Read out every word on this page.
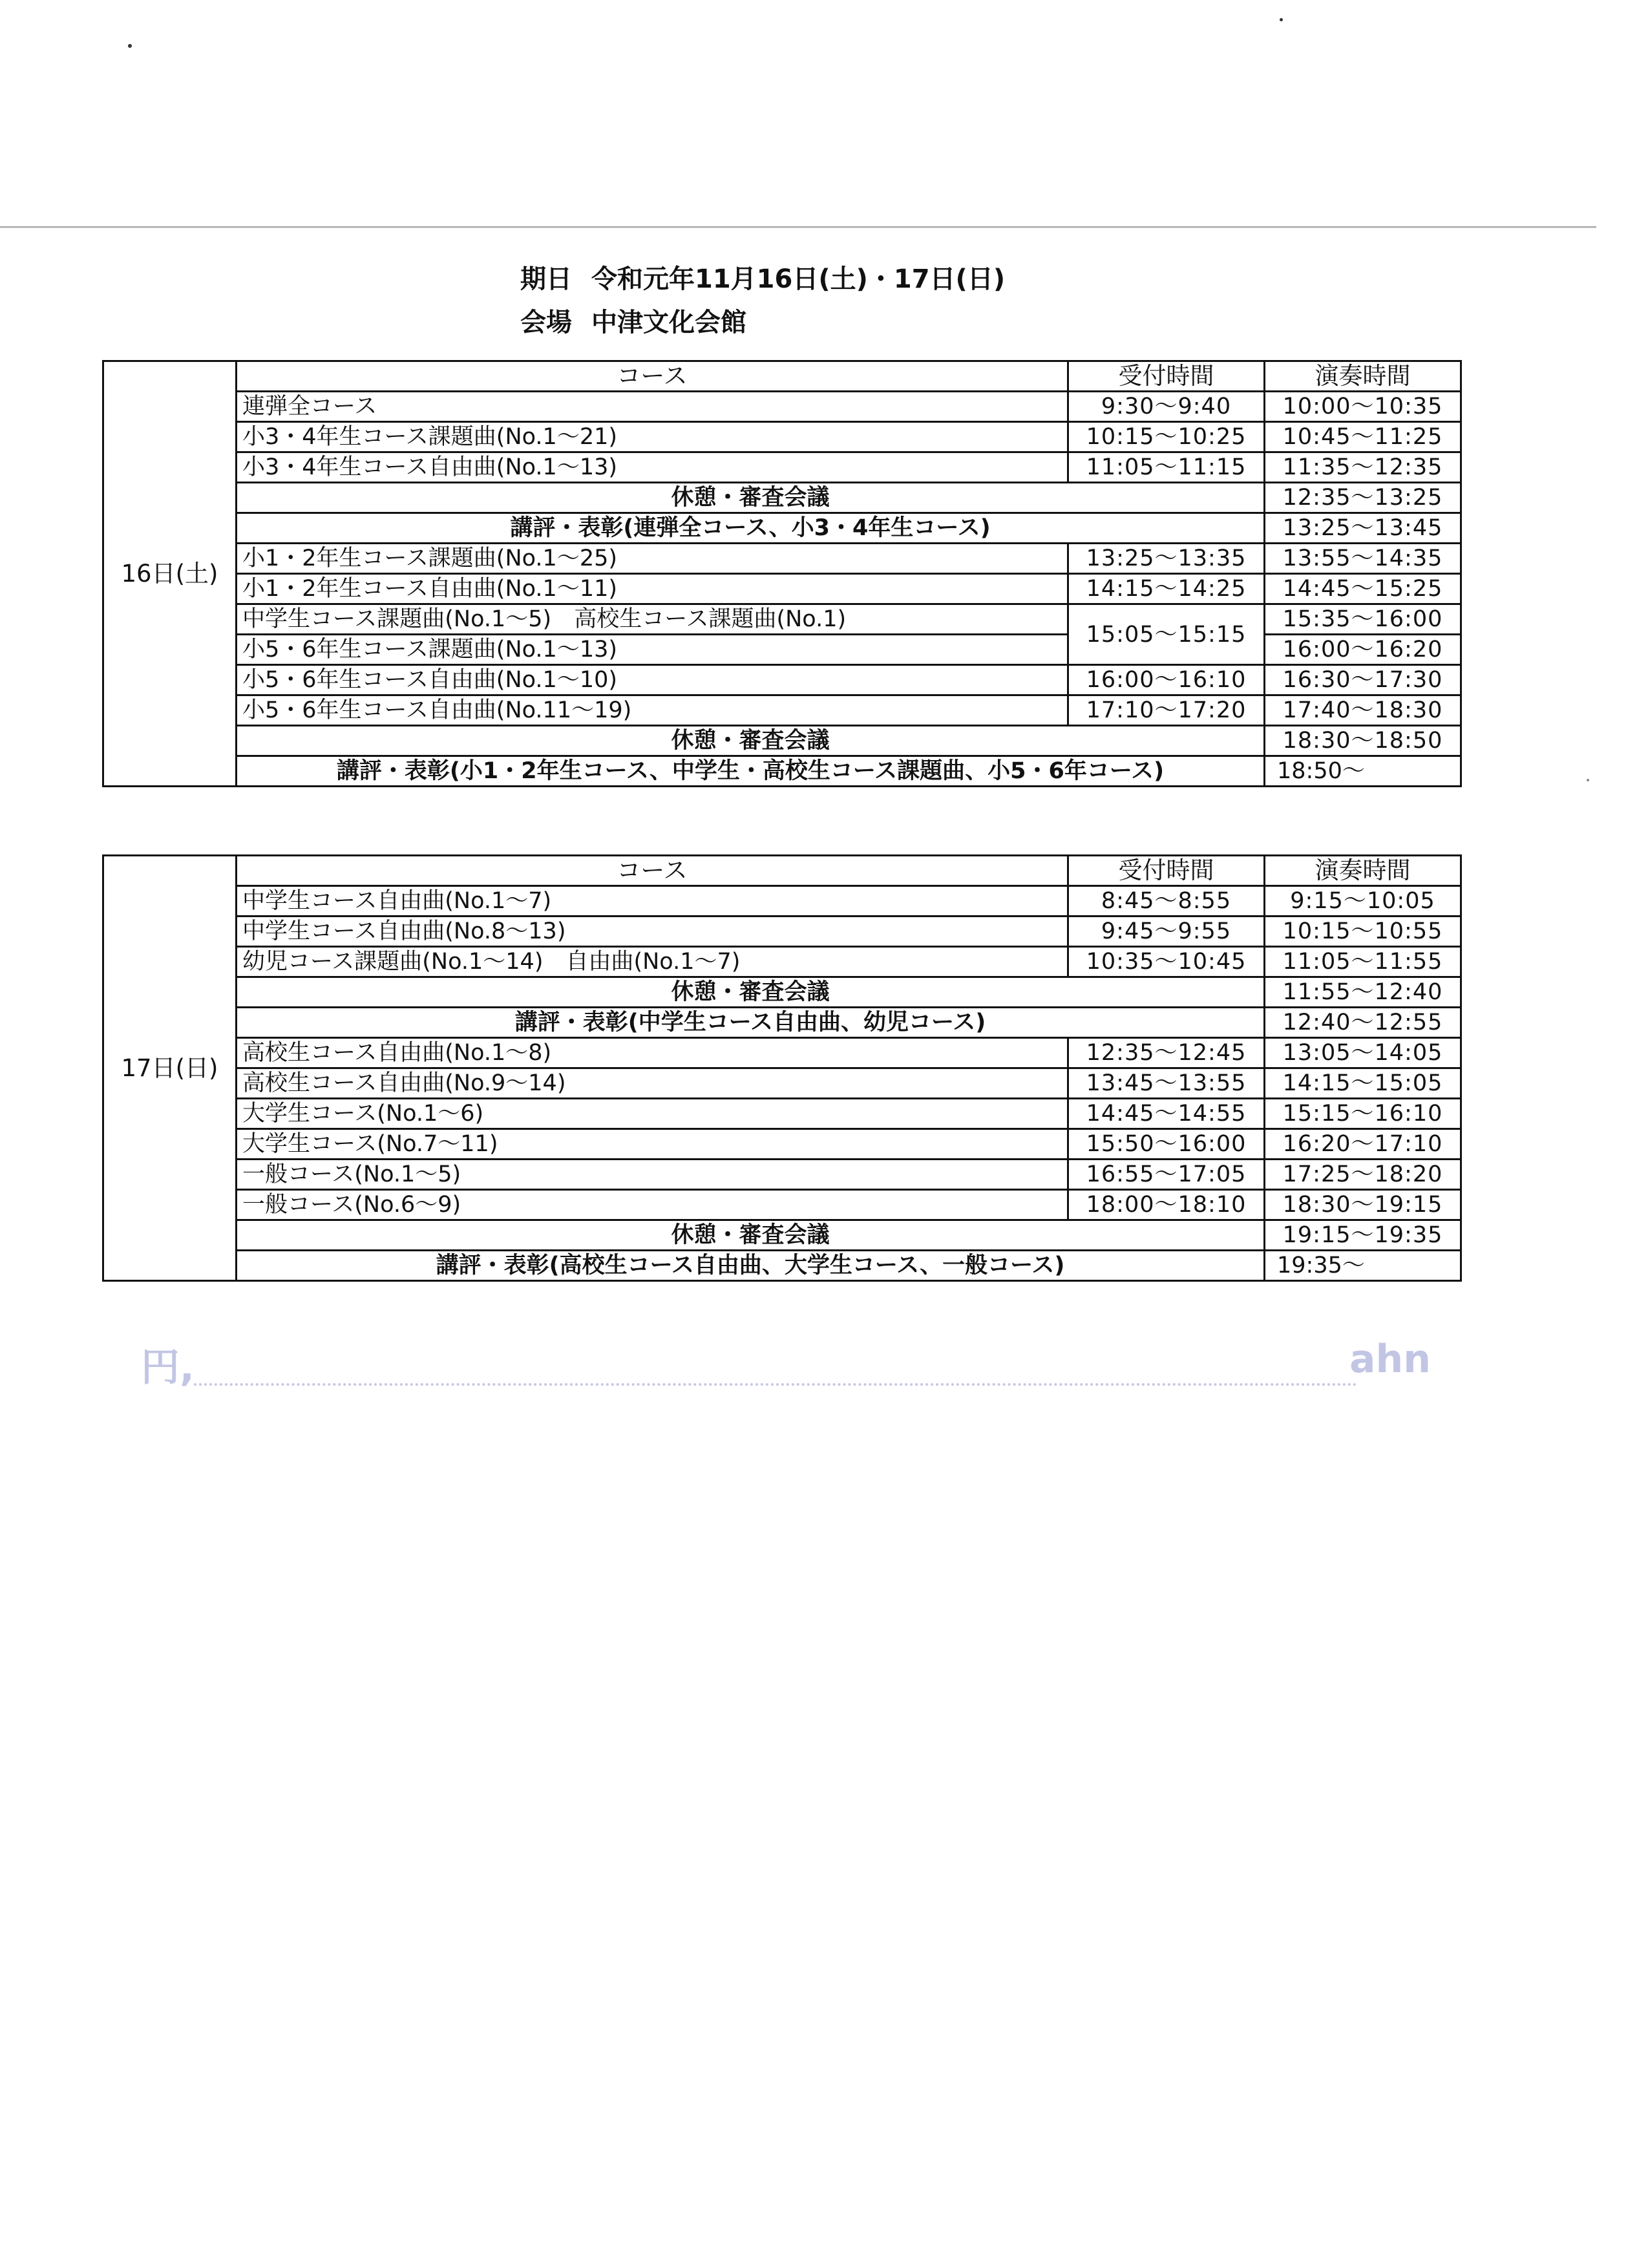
期日 令和元年11月16日(土)・17日(日)
会場 中津文化会館
16日(土)	コース	受付時間	演奏時間
	連弾全コース	9:30〜9:40	10:00〜10:35
	小3・4年生コース課題曲(No.1〜21)	10:15〜10:25	10:45〜11:25
	小3・4年生コース自由曲(No.1〜13)	11:05〜11:15	11:35〜12:35
	休憩・審査会議		12:35〜13:25
	講評・表彰(連弾全コース、小3・4年生コース)		13:25〜13:45
	小1・2年生コース課題曲(No.1〜25)	13:25〜13:35	13:55〜14:35
	小1・2年生コース自由曲(No.1〜11)	14:15〜14:25	14:45〜15:25
	中学生コース課題曲(No.1〜5)　高校生コース課題曲(No.1)	15:05〜15:15	15:35〜16:00
	小5・6年生コース課題曲(No.1〜13)		16:00〜16:20
	小5・6年生コース自由曲(No.1〜10)	16:00〜16:10	16:30〜17:30
	小5・6年生コース自由曲(No.11〜19)	17:10〜17:20	17:40〜18:30
	休憩・審査会議		18:30〜18:50
	講評・表彰(小1・2年生コース、中学生・高校生コース課題曲、小5・6年コース)		18:50〜
17日(日)	コース	受付時間	演奏時間
	中学生コース自由曲(No.1〜7)	8:45〜8:55	9:15〜10:05
	中学生コース自由曲(No.8〜13)	9:45〜9:55	10:15〜10:55
	幼児コース課題曲(No.1〜14)　自由曲(No.1〜7)	10:35〜10:45	11:05〜11:55
	休憩・審査会議		11:55〜12:40
	講評・表彰(中学生コース自由曲、幼児コース)		12:40〜12:55
	高校生コース自由曲(No.1〜8)	12:35〜12:45	13:05〜14:05
	高校生コース自由曲(No.9〜14)	13:45〜13:55	14:15〜15:05
	大学生コース(No.1〜6)	14:45〜14:55	15:15〜16:10
	大学生コース(No.7〜11)	15:50〜16:00	16:20〜17:10
	一般コース(No.1〜5)	16:55〜17:05	17:25〜18:20
	一般コース(No.6〜9)	18:00〜18:10	18:30〜19:15
	休憩・審査会議		19:15〜19:35
	講評・表彰(高校生コース自由曲、大学生コース、一般コース)		19:35〜
円,	ahn
